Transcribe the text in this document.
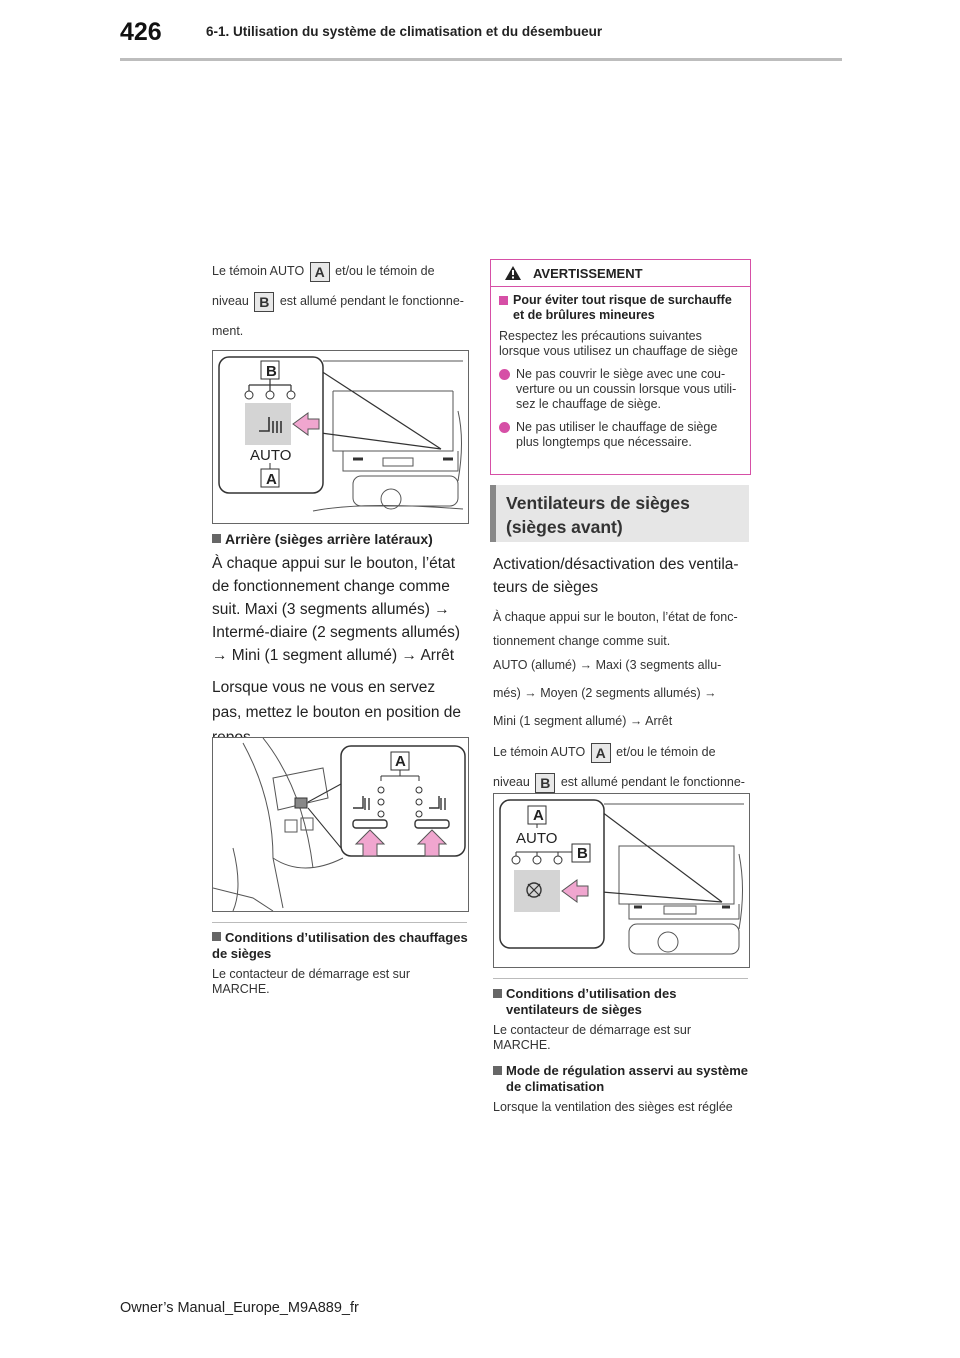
426	6-1. Utilisation du système de climatisation et du désembueur
Le témoin AUTO A et/ou le témoin de
niveau B est allumé pendant le fonctionne-
ment.
B
AUTO
A
Arrière (sièges arrière latéraux)
À chaque appui sur le bouton, l’état de fonctionnement change comme suit. Maxi (3 segments allumés) → Intermé-diaire (2 segments allumés) → Mini (1 segment allumé) → Arrêt
Lorsque vous ne vous en servez pas, mettez le bouton en position de
A
Conditions d’utilisation des chauffages de sièges
Le contacteur de démarrage est sur MARCHE.
AVERTISSEMENT
Pour éviter tout risque de surchauffe et de brûlures mineures
Respectez les précautions suivantes lorsque vous utilisez un chauffage de siège
Ne pas couvrir le siège avec une cou-verture ou un coussin lorsque vous utili-sez le chauffage de siège.
Ne pas utiliser le chauffage de siège plus longtemps que nécessaire.
Ventilateurs de sièges (sièges avant)
Activation/désactivation des ventila-teurs de sièges
À chaque appui sur le bouton, l’état de fonc-
tionnement change comme suit.
AUTO (allumé) → Maxi (3 segments allu-
més) → Moyen (2 segments allumés) →
Mini (1 segment allumé) → Arrêt
Le témoin AUTO A et/ou le témoin de
niveau B est allumé pendant le fonctionne-
A
AUTO
B
Conditions d’utilisation des ventilateurs de sièges
Le contacteur de démarrage est sur MARCHE.
Mode de régulation asservi au système de climatisation
Lorsque la ventilation des sièges est réglée
Owner’s Manual_Europe_M9A889_fr
